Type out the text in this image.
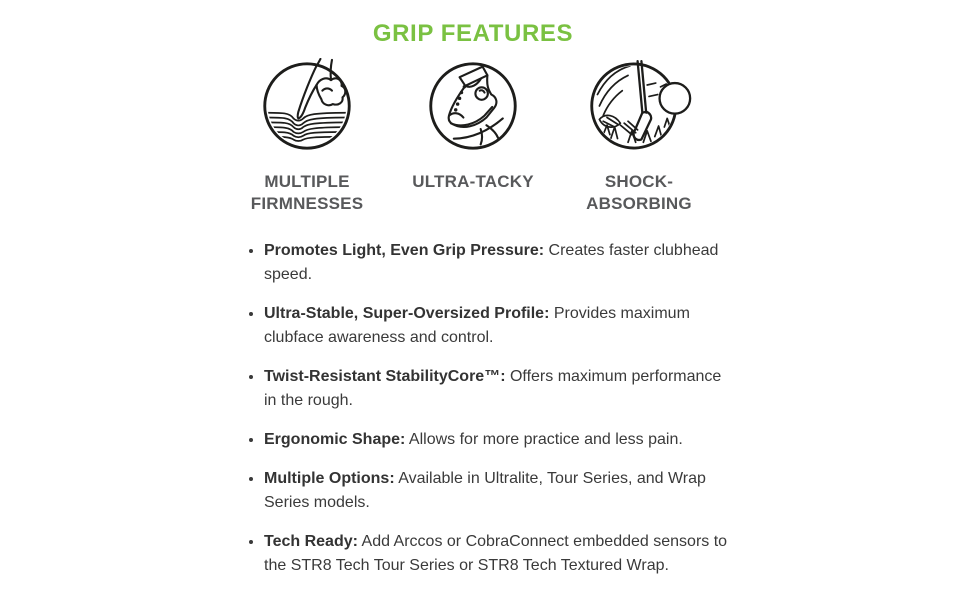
GRIP FEATURES
MULTIPLE FIRMNESSES
ULTRA-TACKY	SHOCK-ABSORBING
• Promotes Light, Even Grip Pressure: Creates faster clubhead speed.
• Ultra-Stable, Super-Oversized Profile: Provides maximum clubface awareness and control.
• Twist-Resistant StabilityCore™: Offers maximum performance in the rough.
• Ergonomic Shape: Allows for more practice and less pain.
• Multiple Options: Available in Ultralite, Tour Series, and Wrap Series models.
• Tech Ready: Add Arccos or CobraConnect embedded sensors to the STR8 Tech Tour Series or STR8 Tech Textured Wrap.
